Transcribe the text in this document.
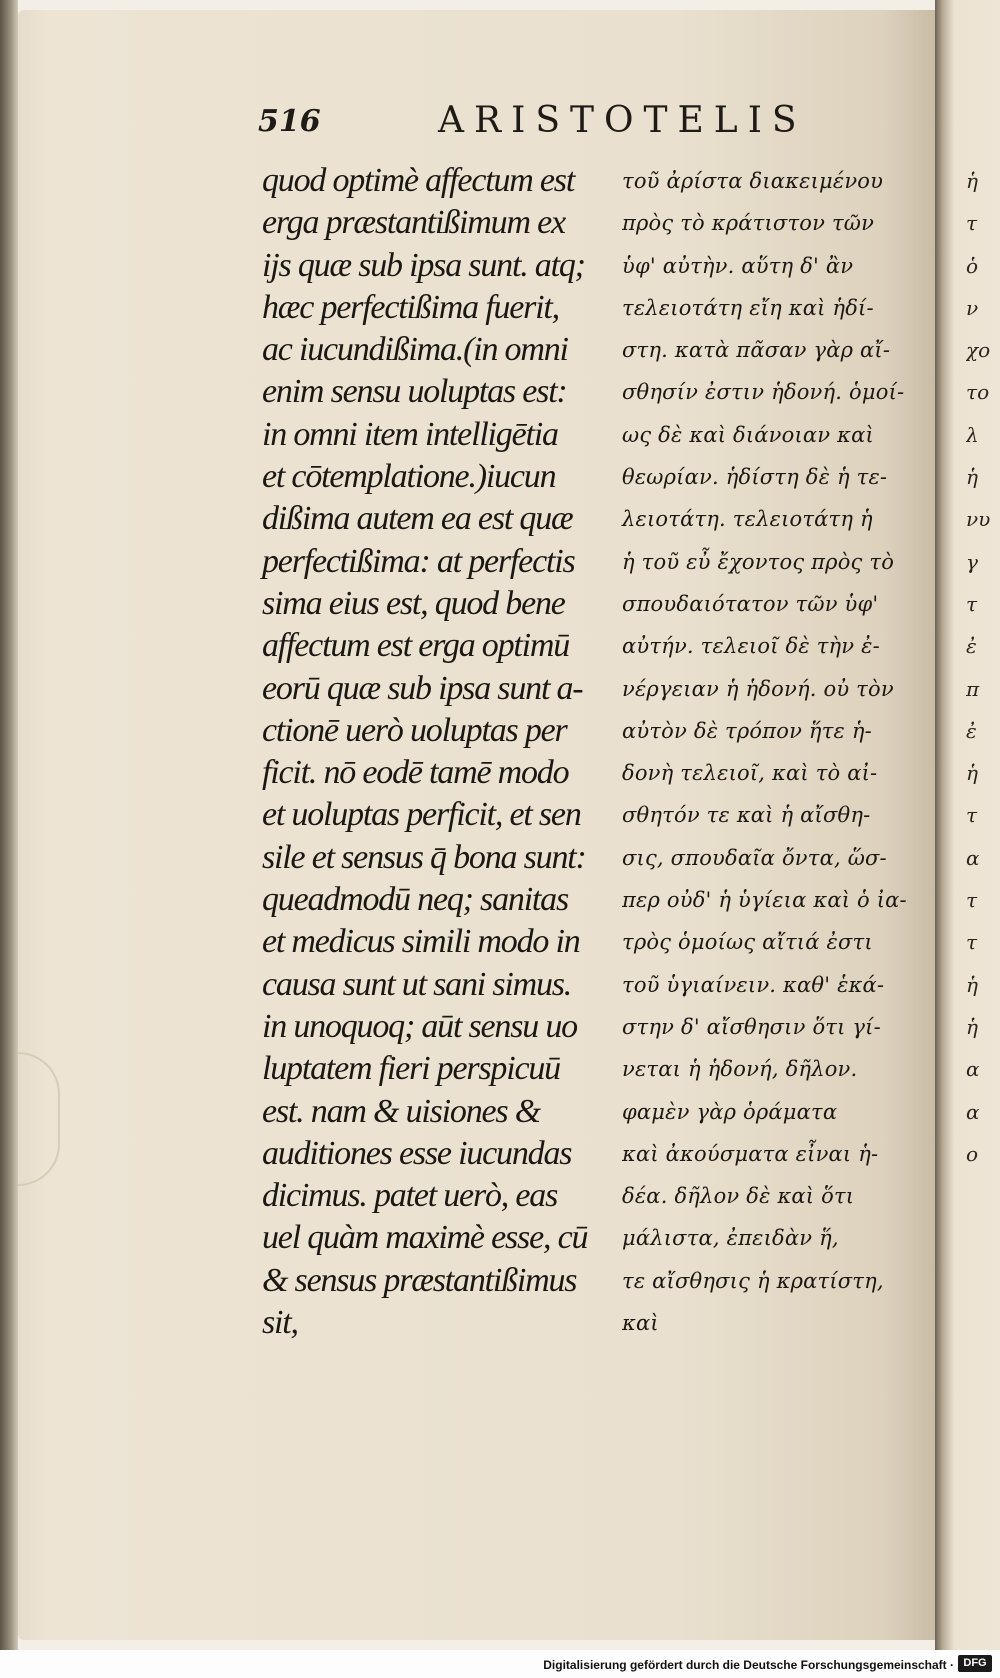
516	ARISTOTELIS
quod optimè affectum est
erga præstantißimum ex
ijs quæ sub ipsa sunt. atq;
hæc perfectißima fuerit,
ac iucundißima.(in omni
enim sensu uoluptas est:
in omni item intelligētia
et cōtemplatione.)iucun
dißima autem ea est quæ
perfectißima: at perfectis
sima eius est, quod bene
affectum est erga optimū
eorū quæ sub ipsa sunt a-
ctionē uerò uoluptas per
ficit. nō eodē tamē modo
et uoluptas perficit, et sen
sile et sensus q̄ bona sunt:
queadmodū neq; sanitas
et medicus simili modo in
causa sunt ut sani simus.
in unoquoq; aūt sensu uo
luptatem fieri perspicuū
est. nam & uisiones &
auditiones esse iucundas
dicimus. patet uerò, eas
uel quàm maximè esse, cū
& sensus præstantißimus
sit,
τοῦ ἀρίστα διακειμένου
πρὸς τὸ κράτιστον τῶν
ὑφ' αὐτὴν. αὕτη δ' ἂν
τελειοτάτη εἴη καὶ ἡδί-
στη. κατὰ πᾶσαν γὰρ αἴ-
σθησίν ἐστιν ἡδονή. ὁμοί-
ως δὲ καὶ διάνοιαν καὶ
θεωρίαν. ἡδίστη δὲ ἡ τε-
λειοτάτη. τελειοτάτη ἡ
ἡ τοῦ εὖ ἔχοντος πρὸς τὸ
σπουδαιότατον τῶν ὑφ'
αὐτήν. τελειοῖ δὲ τὴν ἐ-
νέργειαν ἡ ἡδονή. οὐ τὸν
αὐτὸν δὲ τρόπον ἥτε ἡ-
δονὴ τελειοῖ, καὶ τὸ αἰ-
σθητόν τε καὶ ἡ αἴσθη-
σις, σπουδαῖα ὄντα, ὥσ-
περ οὐδ' ἡ ὑγίεια καὶ ὁ ἰα-
τρὸς ὁμοίως αἴτιά ἐστι
τοῦ ὑγιαίνειν. καθ' ἑκά-
στην δ' αἴσθησιν ὅτι γί-
νεται ἡ ἡδονή, δῆλον.
φαμὲν γὰρ ὁράματα
καὶ ἀκούσματα εἶναι ἡ-
δέα. δῆλον δὲ καὶ ὅτι
μάλιστα, ἐπειδὰν ἥ,
τε αἴσθησις ἡ κρατίστη,
καὶ
ἡ
τ
ὁ
ν
χο
το
λ
ἡ
νυ
γ
τ
ἐ
π
ἐ
ἡ
τ
α
τ
τ
ἡ
ἡ
α
α
ο
Digitalisierung gefördert durch die Deutsche Forschungsgemeinschaft · DFG
